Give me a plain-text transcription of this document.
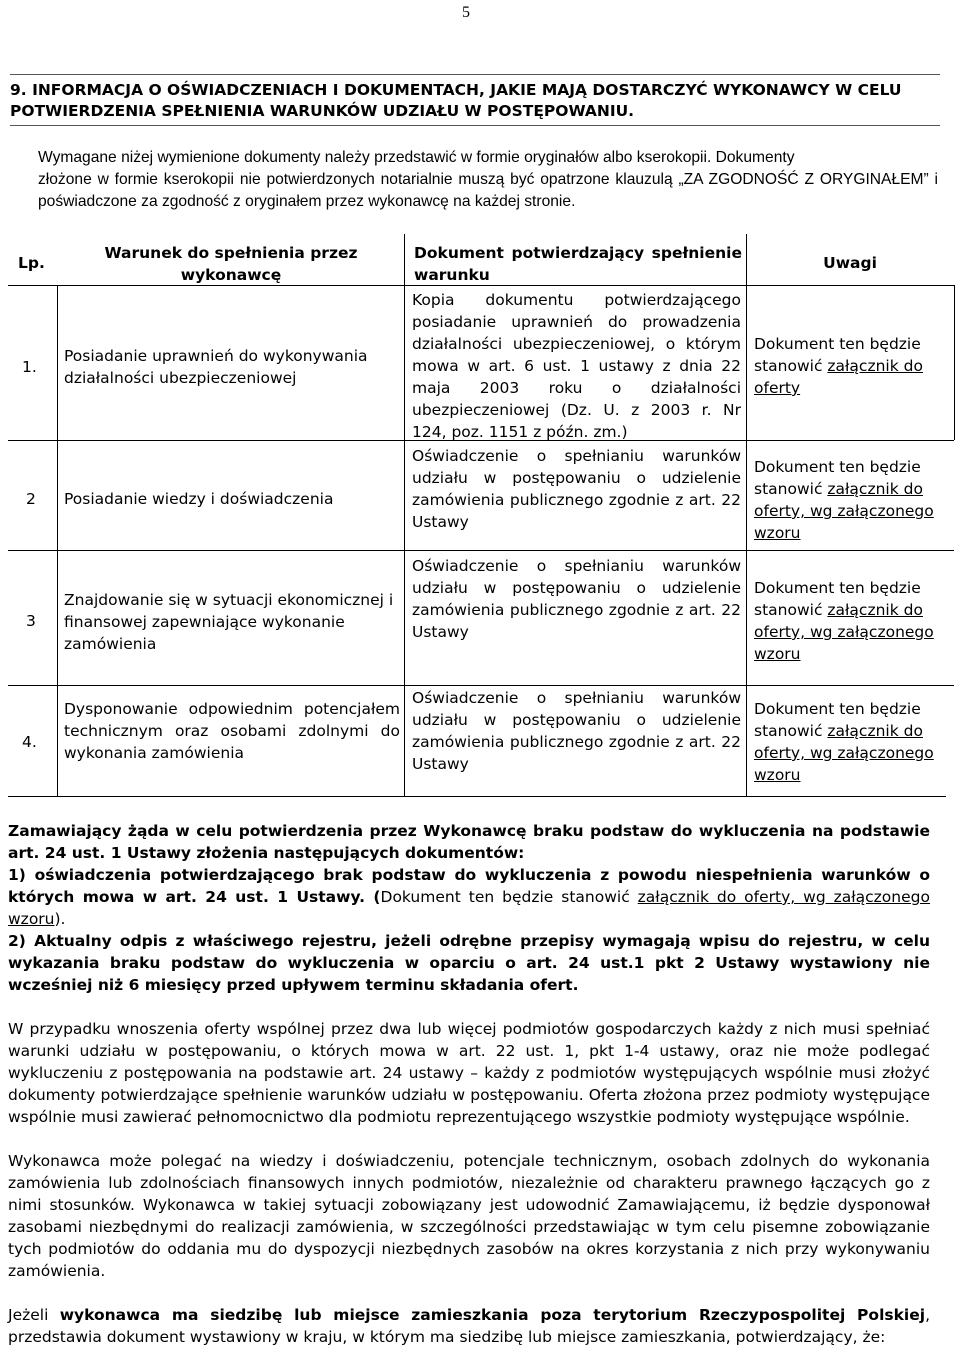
5
9. INFORMACJA O OŚWIADCZENIACH I DOKUMENTACH, JAKIE MAJĄ DOSTARCZYĆ WYKONAWCY W CELU POTWIERDZENIA SPEŁNIENIA WARUNKÓW UDZIAŁU W POSTĘPOWANIU.
Wymagane niżej wymienione dokumenty należy przedstawić w formie oryginałów albo kserokopii. Dokumenty
złożone w formie kserokopii nie potwierdzonych notarialnie muszą być opatrzone klauzulą „ZA ZGODNOŚĆ Z ORYGINAŁEM” i poświadczone za zgodność z oryginałem przez wykonawcę na każdej stronie.
Lp.
Warunek do spełnienia przez wykonawcę
Dokument potwierdzający spełnienie warunku
Uwagi
1.
Posiadanie uprawnień do wykonywania działalności ubezpieczeniowej
Kopia dokumentu potwierdzającego posiadanie uprawnień do prowadzenia działalności ubezpieczeniowej, o którym mowa w art. 6 ust. 1 ustawy z dnia 22 maja 2003 roku o działalności ubezpieczeniowej (Dz. U. z 2003 r. Nr 124, poz. 1151 z późn. zm.)
Dokument ten będzie stanowić załącznik do oferty
2 Posiadanie wiedzy i doświadczenia
Oświadczenie o spełnianiu warunków udziału w postępowaniu o udzielenie zamówienia publicznego zgodnie z art. 22 Ustawy
Dokument ten będzie stanowić załącznik do oferty, wg załączonego wzoru
3
Znajdowanie się w sytuacji ekonomicznej i finansowej zapewniające wykonanie zamówienia
Oświadczenie o spełnianiu warunków udziału w postępowaniu o udzielenie zamówienia publicznego zgodnie z art. 22 Ustawy
Dokument ten będzie stanowić załącznik do oferty, wg załączonego wzoru
4.
Dysponowanie odpowiednim potencjałem technicznym oraz osobami zdolnymi do wykonania zamówienia
Oświadczenie o spełnianiu warunków udziału w postępowaniu o udzielenie zamówienia publicznego zgodnie z art. 22 Ustawy
Dokument ten będzie stanowić załącznik do oferty, wg załączonego wzoru
Zamawiający żąda w celu potwierdzenia przez Wykonawcę braku podstaw do wykluczenia na podstawie art. 24 ust. 1 Ustawy złożenia następujących dokumentów:
1) oświadczenia potwierdzającego brak podstaw do wykluczenia z powodu niespełnienia warunków o których mowa w art. 24 ust. 1 Ustawy. (Dokument ten będzie stanowić załącznik do oferty, wg załączonego wzoru).
2) Aktualny odpis z właściwego rejestru, jeżeli odrębne przepisy wymagają wpisu do rejestru, w celu wykazania braku podstaw do wykluczenia w oparciu o art. 24 ust.1 pkt 2 Ustawy wystawiony nie wcześniej niż 6 miesięcy przed upływem terminu składania ofert.
W przypadku wnoszenia oferty wspólnej przez dwa lub więcej podmiotów gospodarczych każdy z nich musi spełniać warunki udziału w postępowaniu, o których mowa w art. 22 ust. 1, pkt 1-4 ustawy, oraz nie może podlegać wykluczeniu z postępowania na podstawie art. 24 ustawy – każdy z podmiotów występujących wspólnie musi złożyć dokumenty potwierdzające spełnienie warunków udziału w postępowaniu. Oferta złożona przez podmioty występujące wspólnie musi zawierać pełnomocnictwo dla podmiotu reprezentującego wszystkie podmioty występujące wspólnie.
Wykonawca może polegać na wiedzy i doświadczeniu, potencjale technicznym, osobach zdolnych do wykonania zamówienia lub zdolnościach finansowych innych podmiotów, niezależnie od charakteru prawnego łączących go z nimi stosunków. Wykonawca w takiej sytuacji zobowiązany jest udowodnić Zamawiającemu, iż będzie dysponował zasobami niezbędnymi do realizacji zamówienia, w szczególności przedstawiając w tym celu pisemne zobowiązanie tych podmiotów do oddania mu do dyspozycji niezbędnych zasobów na okres korzystania z nich przy wykonywaniu zamówienia.
Jeżeli wykonawca ma siedzibę lub miejsce zamieszkania poza terytorium Rzeczypospolitej Polskiej, przedstawia dokument wystawiony w kraju, w którym ma siedzibę lub miejsce zamieszkania, potwierdzający, że:
